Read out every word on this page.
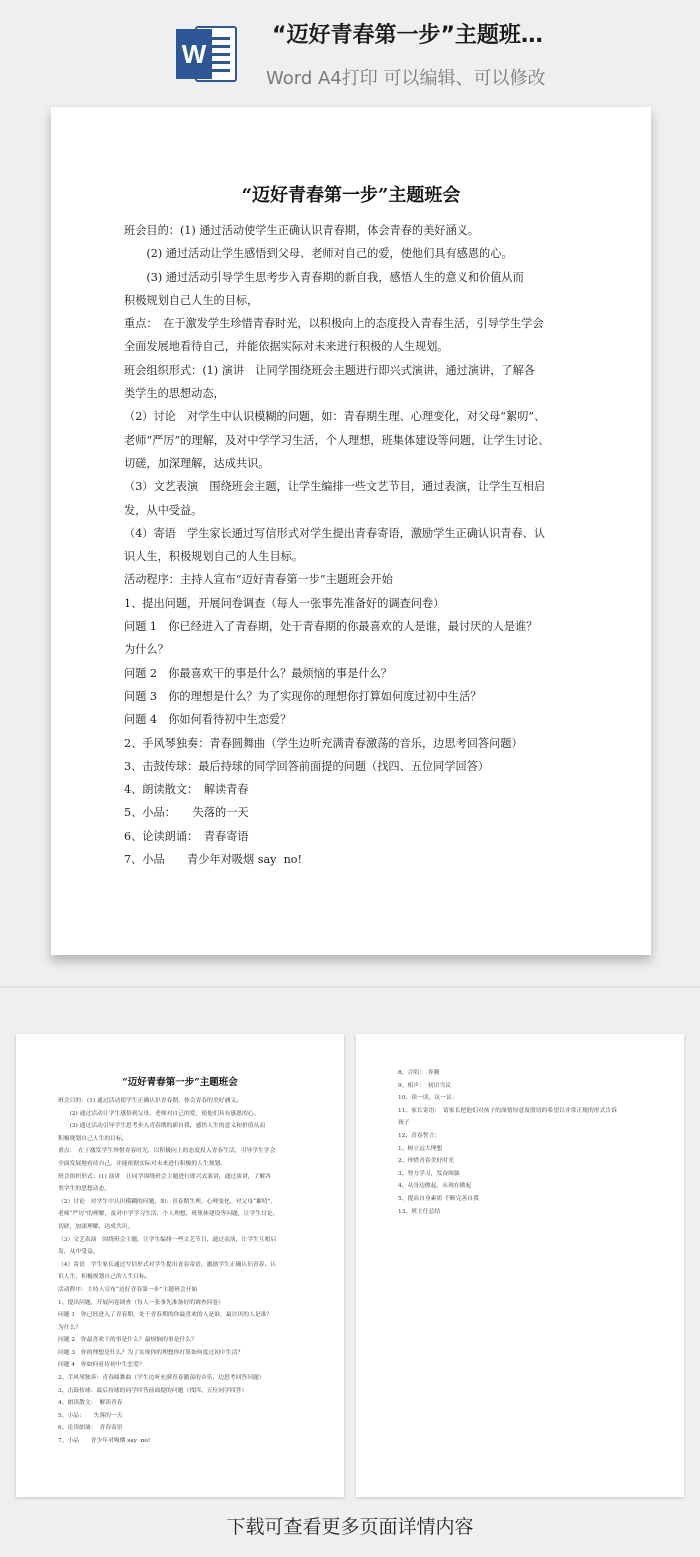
W
“迈好青春第一步”主题班…
Word A4打印 可以编辑、可以修改
“迈好青春第一步”主题班会

班会目的：(1) 通过活动使学生正确认识青春期，体会青春的美好涵义。

　　(2) 通过活动让学生感悟到父母、老师对自己的爱，使他们具有感恩的心。

　　(3) 通过活动引导学生思考步入青春期的新自我，感悟人生的意义和价值从而

积极规划自己人生的目标，

重点：　在于激发学生珍惜青春时光，以积极向上的态度投入青春生活，引导学生学会

全面发展地看待自己，并能依据实际对未来进行积极的人生规划。

班会组织形式：(1) 演讲　让同学围绕班会主题进行即兴式演讲，通过演讲，了解各

类学生的思想动态，

（2）讨论　对学生中认识模糊的问题，如：青春期生理、心理变化，对父母“絮叨”、

老师“严厉”的理解，及对中学学习生活，个人理想，班集体建设等问题，让学生讨论、

切磋，加深理解，达成共识。

（3）文艺表演　围绕班会主题，让学生编排一些文艺节目，通过表演，让学生互相启

发，从中受益。

（4）寄语　学生家长通过写信形式对学生提出青春寄语，激励学生正确认识青春、认

识人生，积极规划自己的人生目标。

活动程序：主持人宣布“迈好青春第一步”主题班会开始

1、提出问题，开展问卷调查（每人一张事先准备好的调查问卷）

问题 1　你已经进入了青春期，处于青春期的你最喜欢的人是谁，最讨厌的人是谁？

为什么？

问题 2　你最喜欢干的事是什么？最烦恼的事是什么？

问题 3　你的理想是什么？为了实现你的理想你打算如何度过初中生活？

问题 4　你如何看待初中生恋爱？

2、手风琴独奏：青春圆舞曲（学生边听充满青春激荡的音乐，边思考回答问题）

3、击鼓传球：最后持球的同学回答前面提的问题（找四、五位同学回答）

4、朗读散文：　解读青春

5、小品：　　失落的一天

6、论读朗诵：　青春寄语

7、小品　　青少年对吸烟 say  no!

“迈好青春第一步”主题班会

班会目的：(1) 通过活动使学生正确认识青春期，体会青春的美好涵义。

　　(2) 通过活动让学生感悟到父母、老师对自己的爱，使他们具有感恩的心。

　　(3) 通过活动引导学生思考步入青春期的新自我，感悟人生的意义和价值从而

积极规划自己人生的目标，

重点：　在于激发学生珍惜青春时光，以积极向上的态度投入青春生活，引导学生学会

全面发展地看待自己，并能依据实际对未来进行积极的人生规划。

班会组织形式：(1) 演讲　让同学围绕班会主题进行即兴式演讲，通过演讲，了解各

类学生的思想动态，

（2）讨论　对学生中认识模糊的问题，如：青春期生理、心理变化，对父母“絮叨”、

老师“严厉”的理解，及对中学学习生活，个人理想，班集体建设等问题，让学生讨论、

切磋，加深理解，达成共识。

（3）文艺表演　围绕班会主题，让学生编排一些文艺节目，通过表演，让学生互相启

发，从中受益。

（4）寄语　学生家长通过写信形式对学生提出青春寄语，激励学生正确认识青春、认

识人生，积极规划自己的人生目标。

活动程序：主持人宣布“迈好青春第一步”主题班会开始

1、提出问题，开展问卷调查（每人一张事先准备好的调查问卷）

问题 1　你已经进入了青春期，处于青春期的你最喜欢的人是谁，最讨厌的人是谁？

为什么？

问题 2　你最喜欢干的事是什么？最烦恼的事是什么？

问题 3　你的理想是什么？为了实现你的理想你打算如何度过初中生活？

问题 4　你如何看待初中生恋爱？

2、手风琴独奏：青春圆舞曲（学生边听充满青春激荡的音乐，边思考回答问题）

3、击鼓传球：最后持球的同学回答前面提的问题（找四、五位同学回答）

4、朗读散文：　解读青春

5、小品：　　失落的一天

6、论读朗诵：　青春寄语

7、小品　　青少年对吸烟 say  no!

8、合唱：　奔腾

9、相声：　初识当议

10、读一读，议一议：

11、家长寄语：　请家长把他们对孩子的深情厚意及殷切的希望以非常正规的形式告诉

孩子

12、青春誓言：

1、树立远大理想

2、珍惜青春美好时光

3、努力学习，发奋图强

4、从身边做起，从现在做起

5、提高自身素质 不断完善自我

13、班主任总结

下载可查看更多页面详情内容
